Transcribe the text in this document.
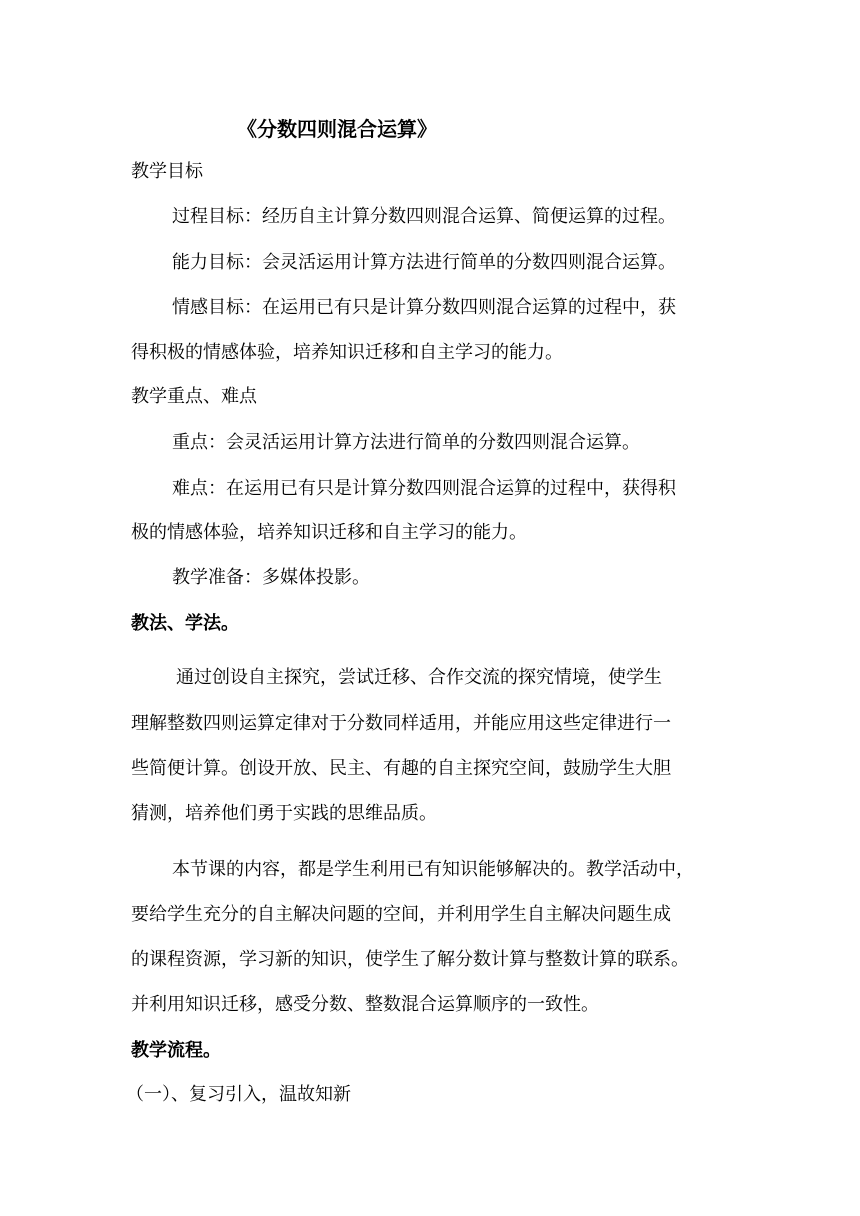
《分数四则混合运算》
教学目标
过程目标：经历自主计算分数四则混合运算、简便运算的过程。
能力目标：会灵活运用计算方法进行简单的分数四则混合运算。
情感目标：在运用已有只是计算分数四则混合运算的过程中，获
得积极的情感体验，培养知识迁移和自主学习的能力。
教学重点、难点
重点：会灵活运用计算方法进行简单的分数四则混合运算。
难点：在运用已有只是计算分数四则混合运算的过程中，获得积
极的情感体验，培养知识迁移和自主学习的能力。
教学准备：多媒体投影。
教法、学法。
通过创设自主探究，尝试迁移、合作交流的探究情境，使学生
理解整数四则运算定律对于分数同样适用，并能应用这些定律进行一
些简便计算。创设开放、民主、有趣的自主探究空间，鼓励学生大胆
猜测，培养他们勇于实践的思维品质。
本节课的内容，都是学生利用已有知识能够解决的。教学活动中，
要给学生充分的自主解决问题的空间，并利用学生自主解决问题生成
的课程资源，学习新的知识，使学生了解分数计算与整数计算的联系。
并利用知识迁移，感受分数、整数混合运算顺序的一致性。
教学流程。
（一）、复习引入，温故知新
